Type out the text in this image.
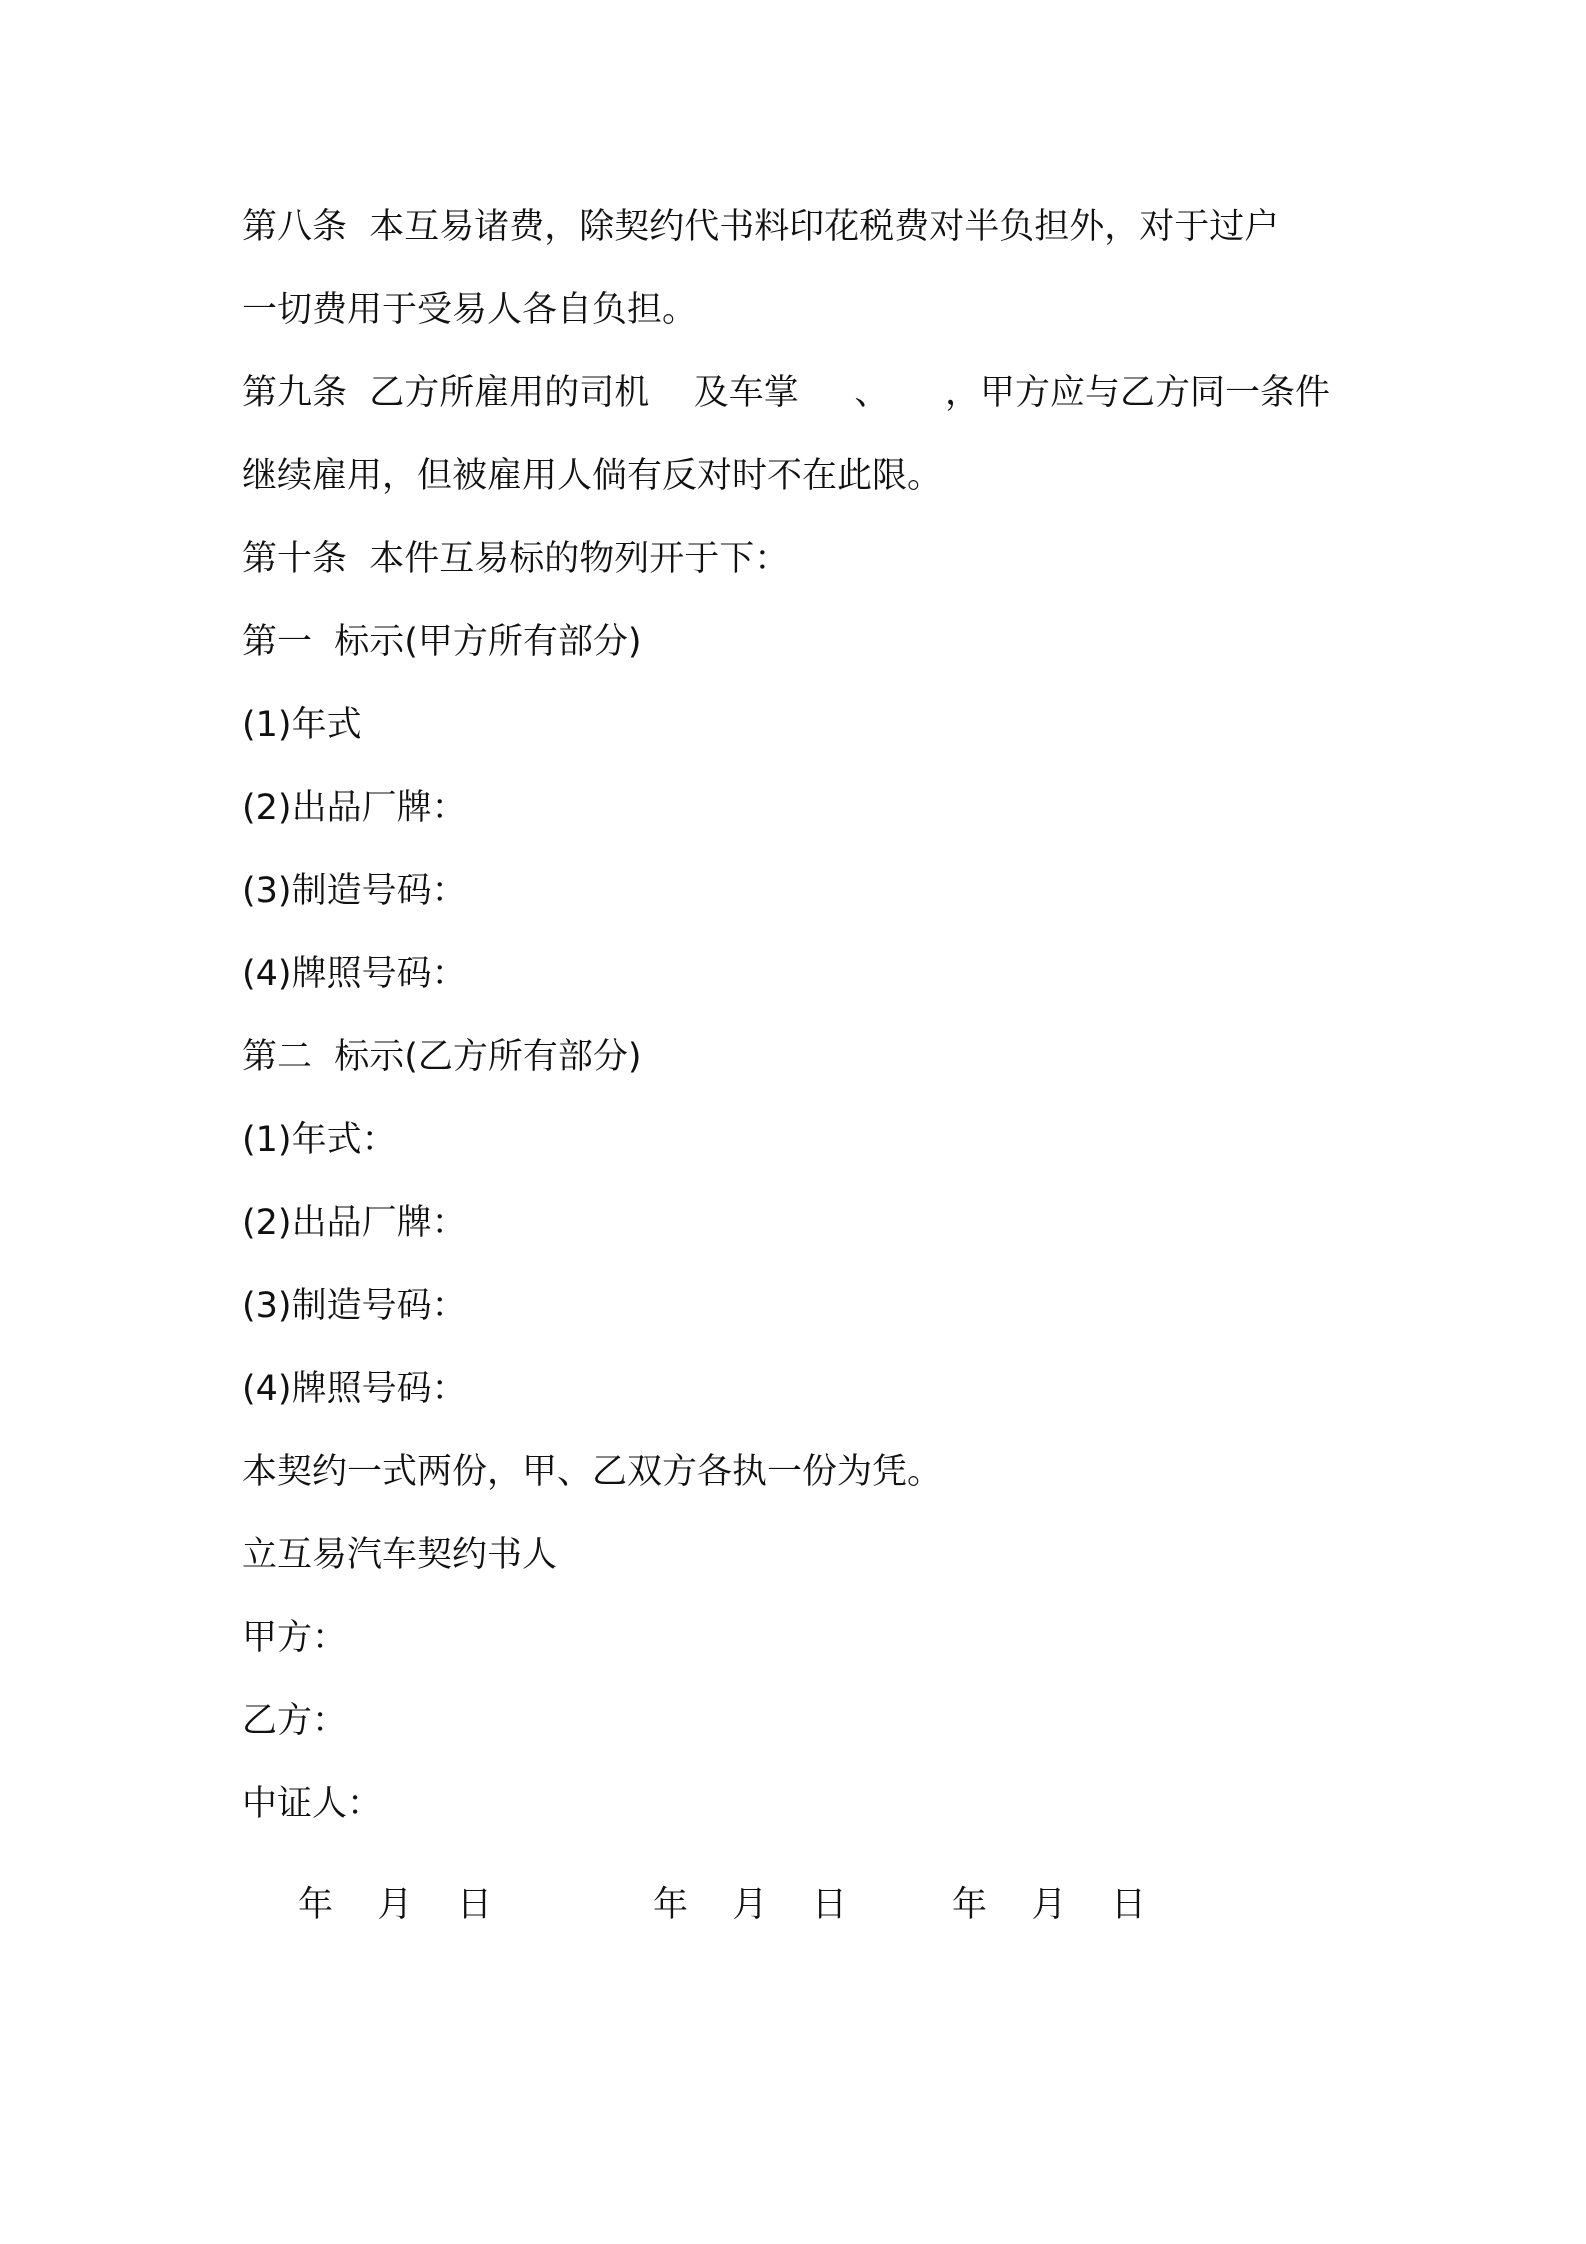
第八条  本互易诸费，除契约代书料印花税费对半负担外，对于过户

一切费用于受易人各自负担。

第九条  乙方所雇用的司机    及车掌     、     ，甲方应与乙方同一条件

继续雇用，但被雇用人倘有反对时不在此限。

第十条  本件互易标的物列开于下：

第一  标示(甲方所有部分)

(1)年式

(2)出品厂牌：

(3)制造号码：

(4)牌照号码：

第二  标示(乙方所有部分)

(1)年式：

(2)出品厂牌：

(3)制造号码：

(4)牌照号码：

本契约一式两份，甲、乙双方各执一份为凭。

立互易汽车契约书人

甲方：

乙方：

中证人：

年    月    日	年    月    日	年    月    日
